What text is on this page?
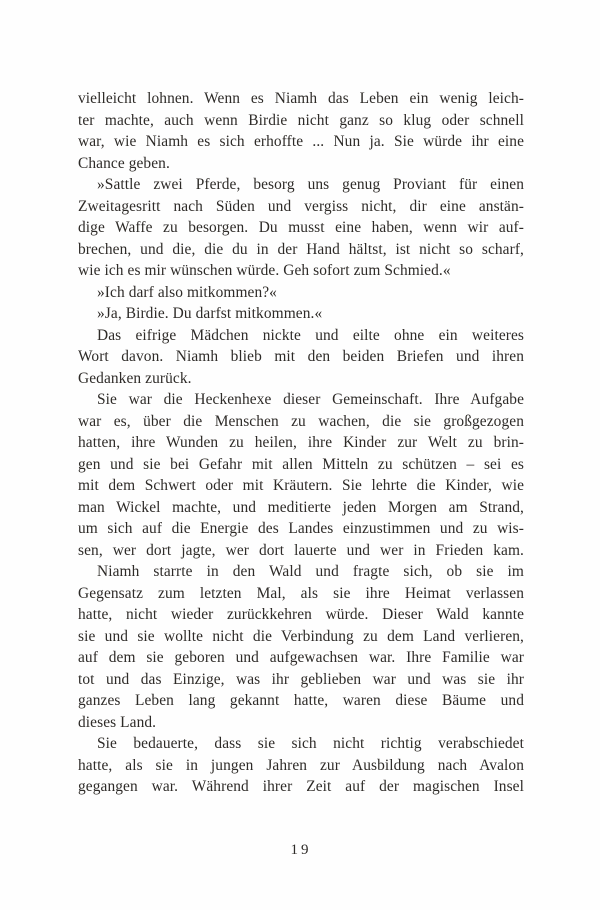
vielleicht lohnen. Wenn es Niamh das Leben ein wenig leich-
ter machte, auch wenn Birdie nicht ganz so klug oder schnell
war, wie Niamh es sich erhoffte ... Nun ja. Sie würde ihr eine
Chance geben.
»Sattle zwei Pferde, besorg uns genug Proviant für einen
Zweitagesritt nach Süden und vergiss nicht, dir eine anstän-
dige Waffe zu besorgen. Du musst eine haben, wenn wir auf-
brechen, und die, die du in der Hand hältst, ist nicht so scharf,
wie ich es mir wünschen würde. Geh sofort zum Schmied.«
»Ich darf also mitkommen?«
»Ja, Birdie. Du darfst mitkommen.«
Das eifrige Mädchen nickte und eilte ohne ein weiteres
Wort davon. Niamh blieb mit den beiden Briefen und ihren
Gedanken zurück.
Sie war die Heckenhexe dieser Gemeinschaft. Ihre Aufgabe
war es, über die Menschen zu wachen, die sie großgezogen
hatten, ihre Wunden zu heilen, ihre Kinder zur Welt zu brin-
gen und sie bei Gefahr mit allen Mitteln zu schützen – sei es
mit dem Schwert oder mit Kräutern. Sie lehrte die Kinder, wie
man Wickel machte, und meditierte jeden Morgen am Strand,
um sich auf die Energie des Landes einzustimmen und zu wis-
sen, wer dort jagte, wer dort lauerte und wer in Frieden kam.
Niamh starrte in den Wald und fragte sich, ob sie im
Gegensatz zum letzten Mal, als sie ihre Heimat verlassen
hatte, nicht wieder zurückkehren würde. Dieser Wald kannte
sie und sie wollte nicht die Verbindung zu dem Land verlieren,
auf dem sie geboren und aufgewachsen war. Ihre Familie war
tot und das Einzige, was ihr geblieben war und was sie ihr
ganzes Leben lang gekannt hatte, waren diese Bäume und
dieses Land.
Sie bedauerte, dass sie sich nicht richtig verabschiedet
hatte, als sie in jungen Jahren zur Ausbildung nach Avalon
gegangen war. Während ihrer Zeit auf der magischen Insel
19
